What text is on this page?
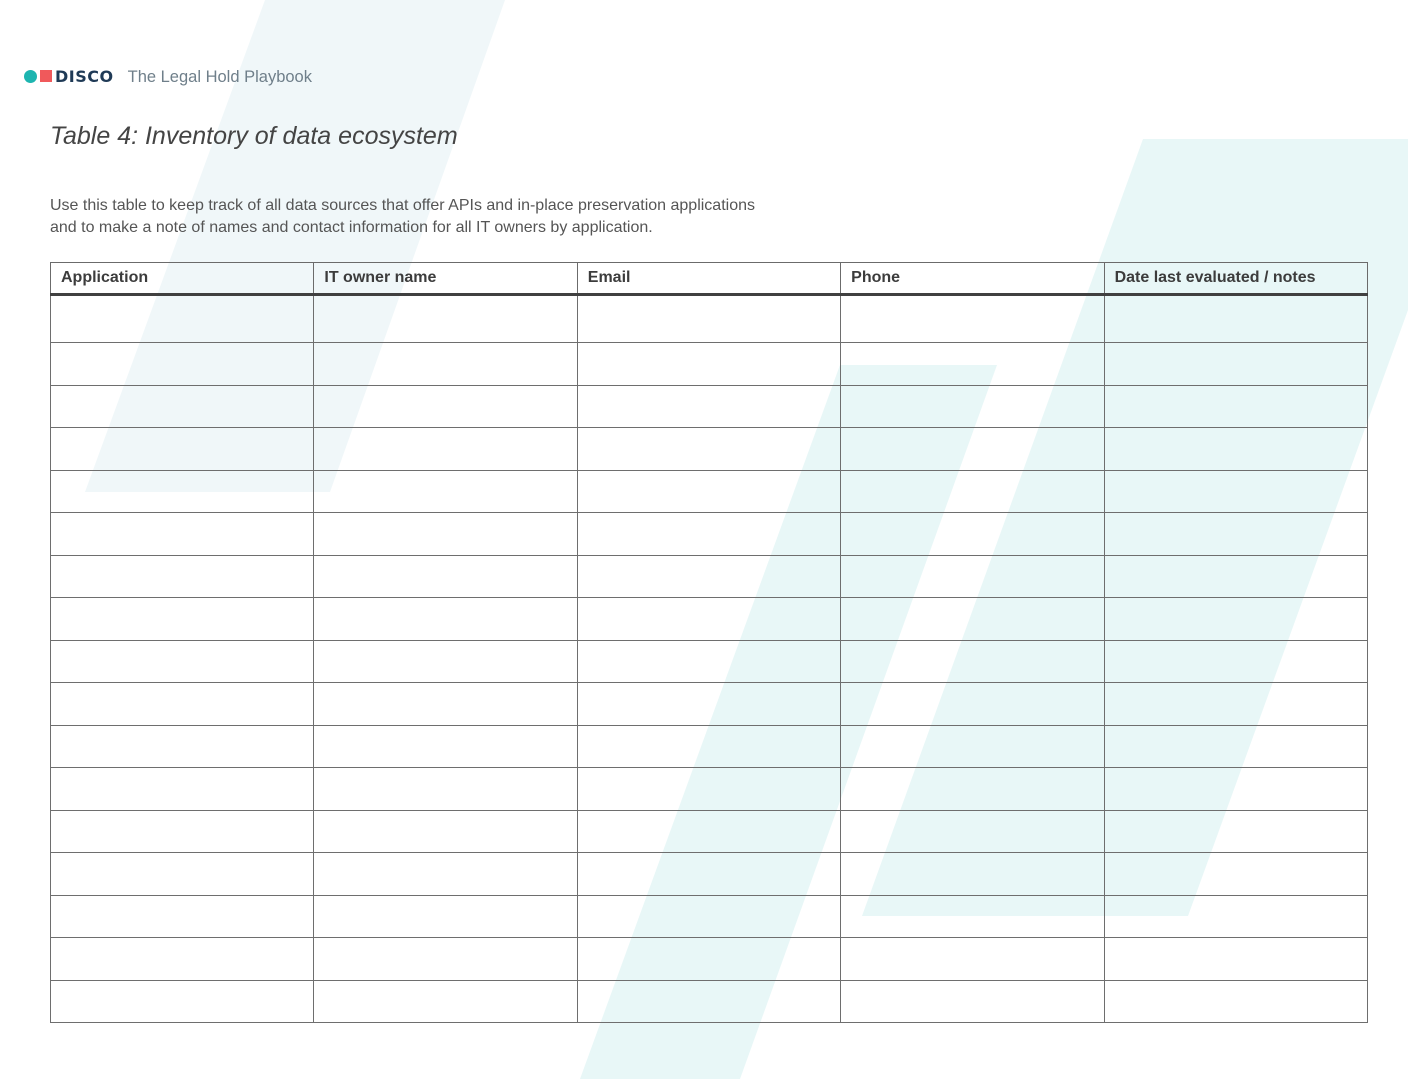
DISCO The Legal Hold Playbook
Table 4: Inventory of data ecosystem

Use this table to keep track of all data sources that offer APIs and in-place preservation applications
and to make a note of names and contact information for all IT owners by application.

Application	IT owner name	Email	Phone	Date last evaluated / notes
